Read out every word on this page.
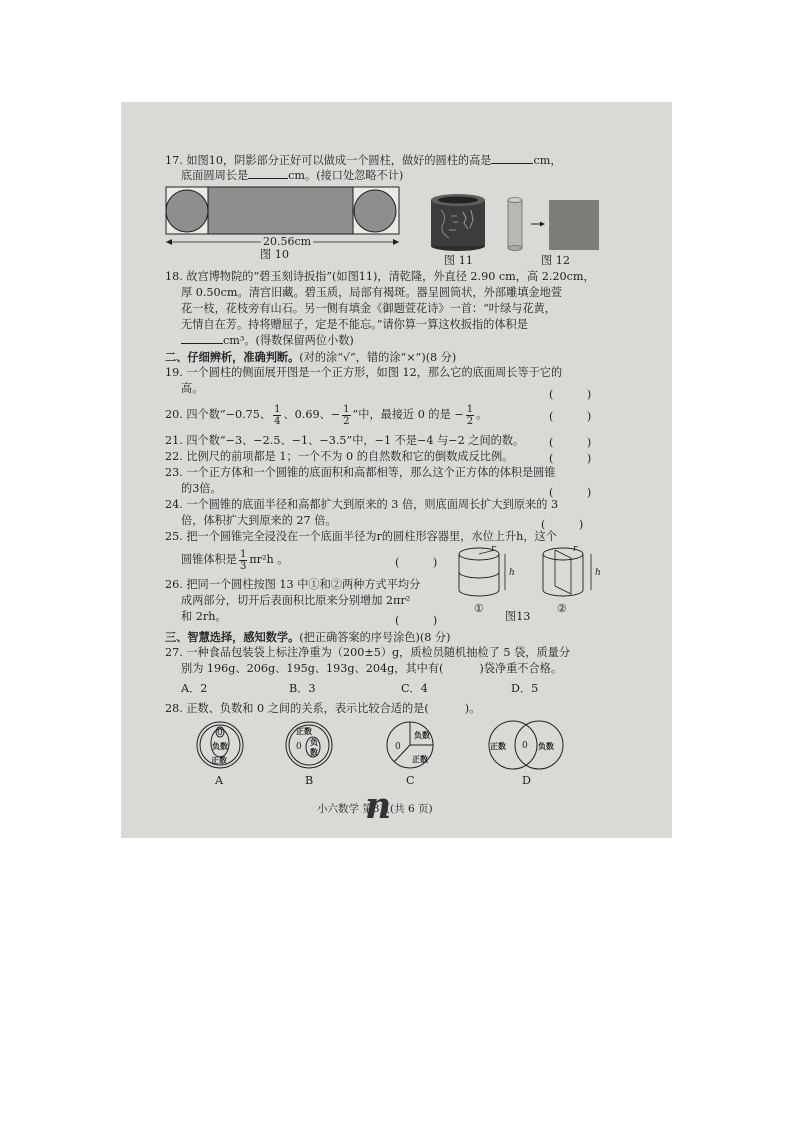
17. 如图10，阴影部分正好可以做成一个圆柱，做好的圆柱的高是	cm，
底面圆周长是	cm。(接口处忽略不计)
20.56cm
图 10	图 11	图 12
18. 故宫博物院的“碧玉刻诗扳指”(如图11)，清乾隆，外直径 2.90 cm，高 2.20cm，
厚 0.50cm。清宫旧藏。碧玉质，局部有褐斑。器呈圆筒状，外部雕填金地萱
花一枝，花枝旁有山石。另一侧有填金《御题萱花诗》一首：“叶绿与花黄，
无情自在芳。持将赠屈子，定是不能忘。”请你算一算这枚扳指的体积是
cm³。(得数保留两位小数)
二、仔细辨析，准确判断。(对的涂“√”，错的涂“×”)(8 分)
19. 一个圆柱的侧面展开图是一个正方形，如图 12，那么它的底面周长等于它的
高。	(　　　)
20. 四个数“−0.75、 $\frac{1}{4}$ 、0.69、− $\frac{1}{2}$ ”中，最接近 0 的是 − $\frac{1}{2}$ 。	(　　　)
21. 四个数“−3、−2.5、−1、−3.5”中，−1 不是−4 与−2 之间的数。 (　　　)
22. 比例尺的前项都是 1；一个不为 0 的自然数和它的倒数成反比例。	(　　　)
23. 一个正方体和一个圆锥的底面积和高都相等，那么这个正方体的体积是圆锥
的3倍。	(　　　)
24. 一个圆锥的底面半径和高都扩大到原来的 3 倍，则底面周长扩大到原来的 3
倍，体积扩大到原来的 27 倍。	(　　　)
25. 把一个圆锥完全浸没在一个底面半径为r的圆柱形容器里，水位上升h，这个
圆锥体积是 $\frac{1}{3} \pi r^2h$ 。	(　　　)
26. 把同一个圆柱按图 13 中①和②两种方式平均分
成两部分，切开后表面积比原来分别增加 2πr²
和 2rh。	(　　　)
r
h
r
h
①
图13
②
三、智慧选择，感知数学。(把正确答案的序号涂色)(8 分)
27. 一种食品包装袋上标注净重为（200±5）g，质检员随机抽检了 5 袋，质量分
别为 196g、206g、195g、193g、204g，其中有(	)袋净重不合格。
A．2	B．3	C．4	D．5
28. 正数、负数和 0 之间的关系，表示比较合适的是(	)。
0
负数
正数
A
正数
0 负
数
B
负数
0
正数
C
正数 0 负数
D
小六数学 第3页(共 6 页)
n
